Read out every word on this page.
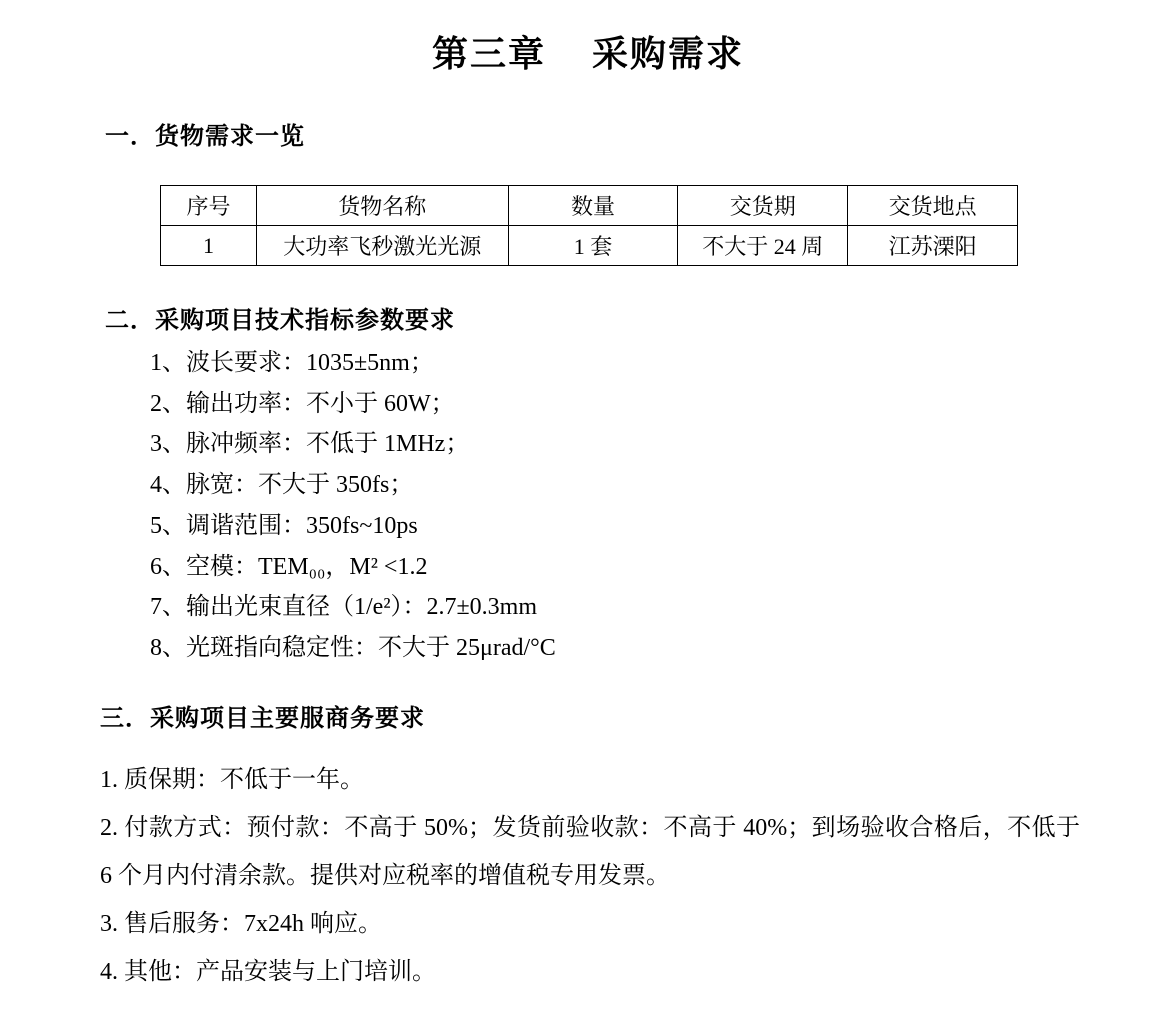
第三章 采购需求
一．货物需求一览
序号	货物名称	数量	交货期	交货地点
1	大功率飞秒激光光源	1 套	不大于 24 周	江苏溧阳
二．采购项目技术指标参数要求
1、波长要求：1035±5nm；
2、输出功率：不小于 60W；
3、脉冲频率：不低于 1MHz；
4、脉宽：不大于 350fs；
5、调谐范围：350fs~10ps
6、空模：TEM₀₀，M² <1.2
7、输出光束直径（1/e²）：2.7±0.3mm
8、光斑指向稳定性：不大于 25μrad/°C
三．采购项目主要服商务要求
1. 质保期：不低于一年。
2. 付款方式：预付款：不高于 50%；发货前验收款：不高于 40%；到场验收合格后，不低于 6 个月内付清余款。提供对应税率的增值税专用发票。
3. 售后服务：7x24h 响应。
4. 其他：产品安装与上门培训。
